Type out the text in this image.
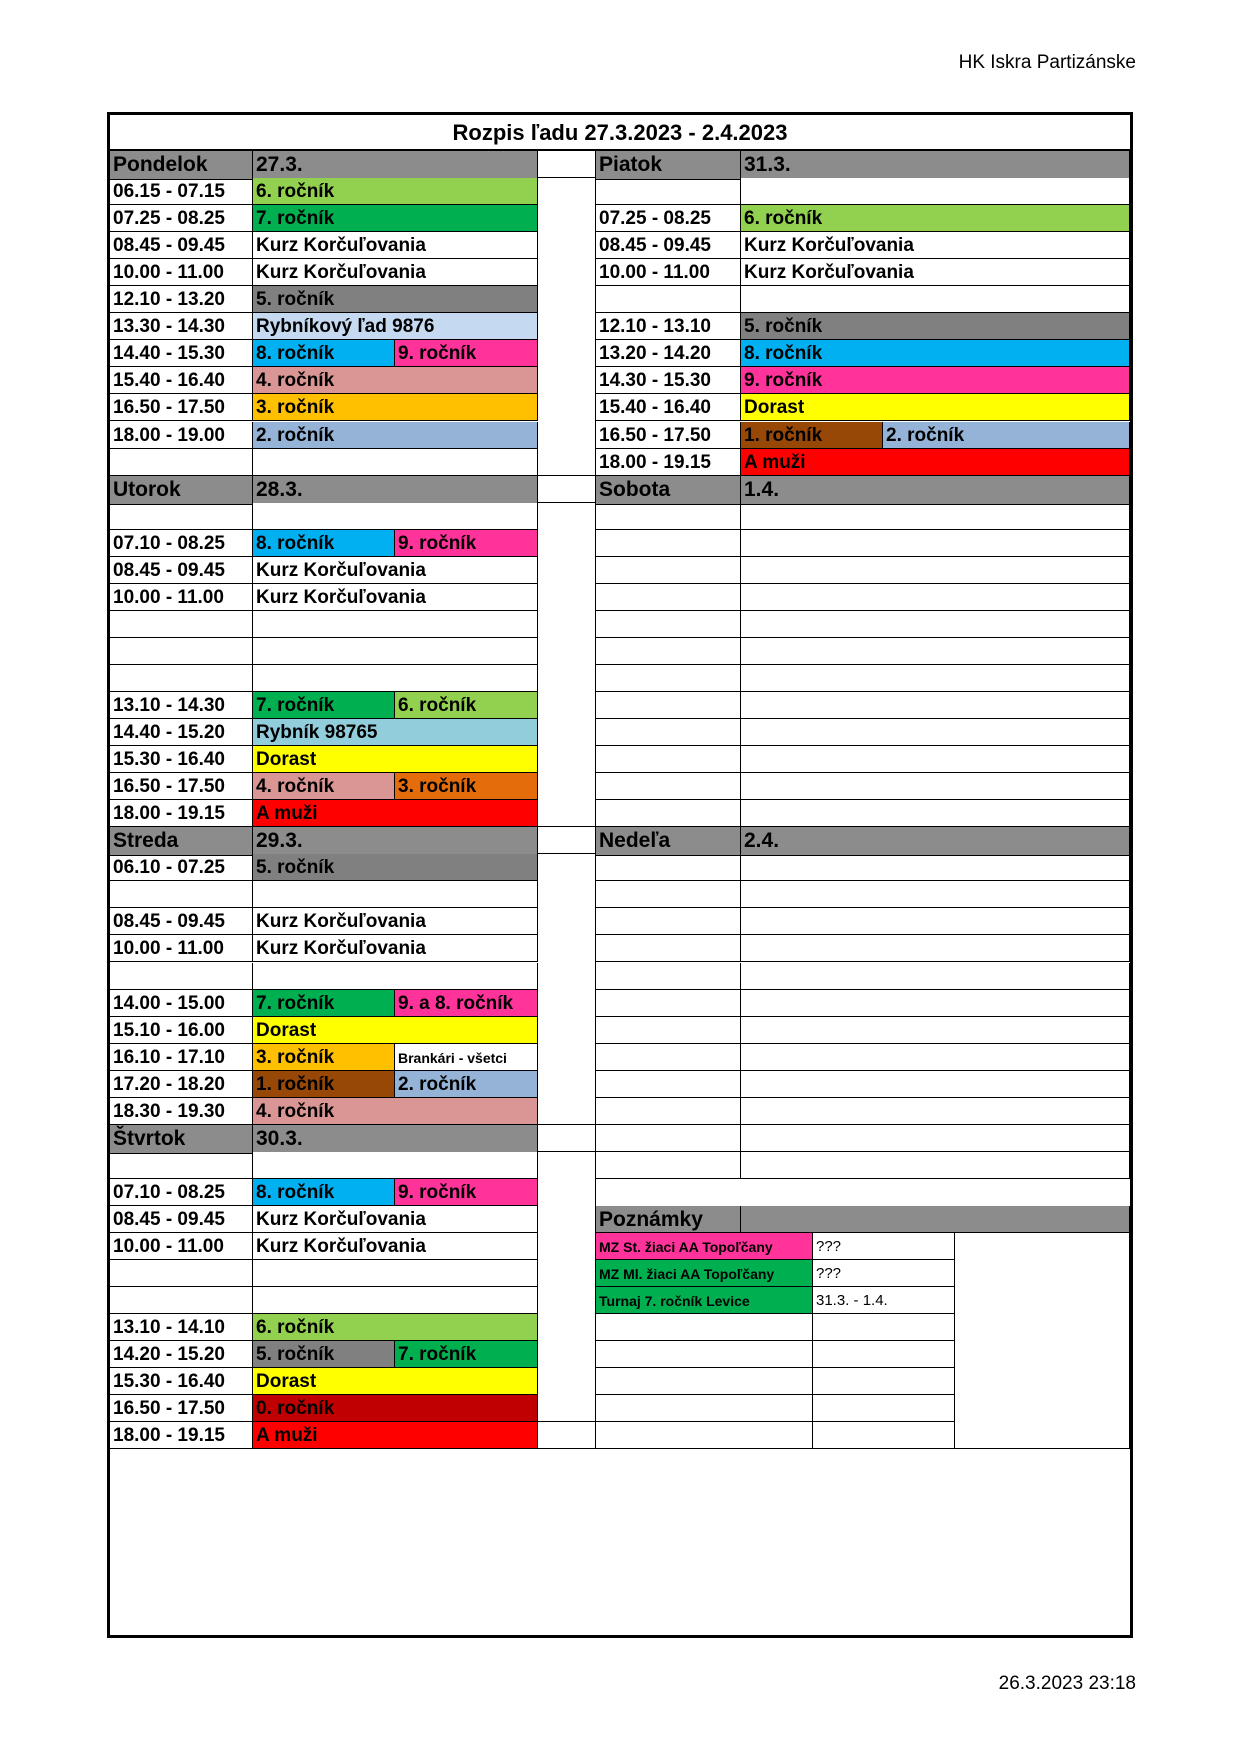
HK Iskra Partizánske
26.3.2023 23:18
Rozpis ľadu 27.3.2023 - 2.4.2023
Pondelok	27.3.
06.15 - 07.15	6. ročník
07.25 - 08.25	7. ročník
08.45 - 09.45	Kurz Korčuľovania
10.00 - 11.00	Kurz Korčuľovania
12.10 - 13.20	5. ročník
13.30 - 14.30	Rybníkový ľad 9876
14.40 - 15.30	8. ročník	9. ročník
15.40 - 16.40	4. ročník
16.50 - 17.50	3. ročník
18.00 - 19.00	2. ročník
Utorok	28.3.
07.10 - 08.25	8. ročník	9. ročník
08.45 - 09.45	Kurz Korčuľovania
10.00 - 11.00	Kurz Korčuľovania
13.10 - 14.30	7. ročník	6. ročník
14.40 - 15.20	Rybník 98765
15.30 - 16.40	Dorast
16.50 - 17.50	4. ročník	3. ročník
18.00 - 19.15	A muži
Streda	29.3.
06.10 - 07.25	5. ročník
08.45 - 09.45	Kurz Korčuľovania
10.00 - 11.00	Kurz Korčuľovania
14.00 - 15.00	7. ročník	9. a 8. ročník
15.10 - 16.00	Dorast
16.10 - 17.10	3. ročník	Brankári - všetci
17.20 - 18.20	1. ročník	2. ročník
18.30 - 19.30	4. ročník
Štvrtok	30.3.
07.10 - 08.25	8. ročník	9. ročník
08.45 - 09.45	Kurz Korčuľovania
10.00 - 11.00	Kurz Korčuľovania
13.10 - 14.10	6. ročník
14.20 - 15.20	5. ročník	7. ročník
15.30 - 16.40	Dorast
16.50 - 17.50	0. ročník
18.00 - 19.15	A muži
Piatok	31.3.
07.25 - 08.25	6. ročník
08.45 - 09.45	Kurz Korčuľovania
10.00 - 11.00	Kurz Korčuľovania
12.10 - 13.10	5. ročník
13.20 - 14.20	8. ročník
14.30 - 15.30	9. ročník
15.40 - 16.40	Dorast
16.50 - 17.50	1. ročník	2. ročník
18.00 - 19.15	A muži
Sobota	1.4.
Nedeľa	2.4.
Poznámky
MZ St. žiaci AA Topoľčany	???
MZ Ml. žiaci AA Topoľčany	???
Turnaj 7. ročník Levice	31.3. - 1.4.
